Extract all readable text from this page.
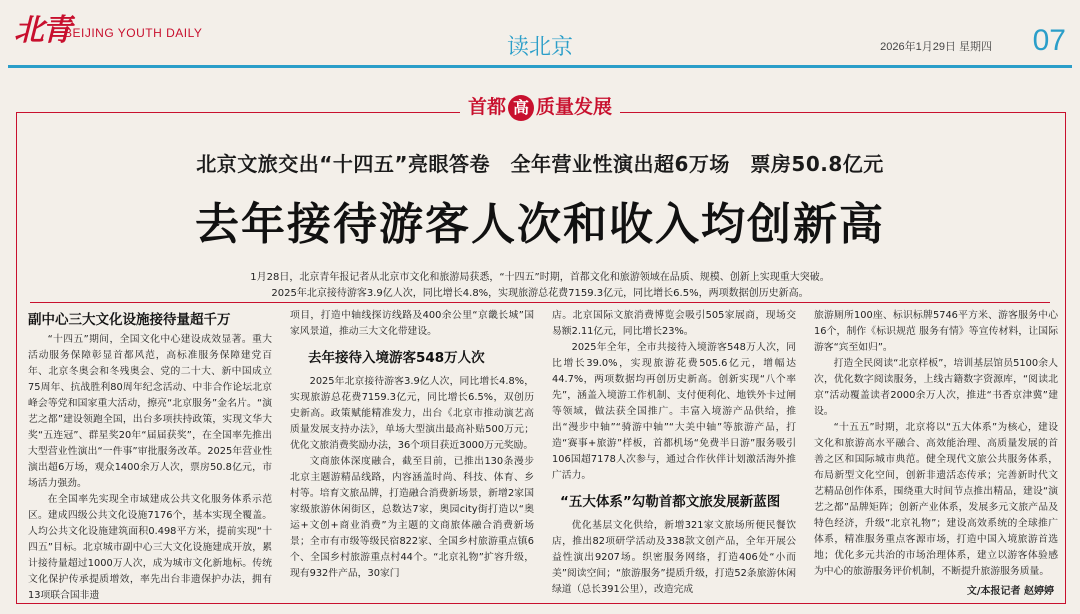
北青
BEIJING YOUTH DAILY
读北京	2026年1月29日 星期四 07
首都 高 质量发展
北京文旅交出“十四五”亮眼答卷　全年营业性演出超6万场　票房50.8亿元
去年接待游客人次和收入均创新高
1月28日，北京青年报记者从北京市文化和旅游局获悉，“十四五”时期，首都文化和旅游领域在品质、规模、创新上实现重大突破。
2025年北京接待游客3.9亿人次，同比增长4.8%，实现旅游总花费7159.3亿元，同比增长6.5%，两项数据创历史新高。
副中心三大文化设施接待量超千万

“十四五”期间，全国文化中心建设成效显著。重大活动服务保障彰显首都风范，高标准服务保障建党百年、北京冬奥会和冬残奥会、党的二十大、新中国成立75周年、抗战胜利80周年纪念活动、中非合作论坛北京峰会等党和国家重大活动，擦亮“北京服务”金名片。“演艺之都”建设领跑全国，出台多项扶持政策，实现文华大奖“五连冠”、群星奖20年“届届获奖”，在全国率先推出大型营业性演出“一件事”审批服务改革。2025年营业性演出超6万场，观众1400余万人次，票房50.8亿元，市场活力强劲。

在全国率先实现全市域建成公共文化服务体系示范区。建成四级公共文化设施7176个，基本实现全覆盖。人均公共文化设施建筑面积0.498平方米，提前实现“十四五”目标。北京城市副中心三大文化设施建成开放，累计接待量超过1000万人次，成为城市文化新地标。传统文化保护传承提质增效，率先出台非遗保护办法，拥有13项联合国非遗

项目，打造中轴线探访线路及400余公里“京畿长城”国家风景道，推动三大文化带建设。

去年接待入境游客548万人次

2025年北京接待游客3.9亿人次，同比增长4.8%，实现旅游总花费7159.3亿元，同比增长6.5%，双创历史新高。政策赋能精准发力，出台《北京市推动演艺高质量发展支持办法》，单场大型演出最高补贴500万元；优化文旅消费奖励办法，36个项目获近3000万元奖励。

文商旅体深度融合，截至目前，已推出130条漫步北京主题游精品线路，内容涵盖时尚、科技、体育、乡村等。培育文旅品牌，打造融合消费新场景，新增2家国家级旅游休闲街区，总数达7家，奥园city街打造以“奥运+文创+商业消费”为主题的文商旅体融合消费新场景；全市有市级等级民宿822家、全国乡村旅游重点镇6个、全国乡村旅游重点村44个。“北京礼物”扩容升级，现有932件产品，30家门

店。北京国际文旅消费博览会吸引505家展商，现场交易额2.11亿元，同比增长23%。

2025年全年，全市共接待入境游客548万人次，同比增长39.0%，实现旅游花费505.6亿元，增幅达44.7%，两项数据均再创历史新高。创新实现“八个率先”，涵盖入境游工作机制、支付便利化、地铁外卡过闸等领域，做法获全国推广。丰富入境游产品供给，推出“漫步中轴”“骑游中轴”“大美中轴”等旅游产品，打造“赛事+旅游”样板，首都机场“免费半日游”服务吸引106国超7178人次参与，通过合作伙伴计划激活海外推广活力。

“五大体系”勾勒首都文旅发展新蓝图

优化基层文化供给，新增321家文旅场所便民餐饮店，推出82项研学活动及338款文创产品，全年开展公益性演出9207场。织密服务网络，打造406处“小而美”阅读空间；“旅游服务”提质升级，打造52条旅游休闲绿道（总长391公里），改造完成

旅游厕所100座、标识标牌5746平方米、游客服务中心16个，制作《标识规范 服务有情》等宣传材料，让国际游客“宾至如归”。

打造全民阅读“北京样板”，培训基层馆员5100余人次，优化数字阅读服务，上线古籍数字资源库，“阅读北京”活动覆盖读者2000余万人次，推进“书香京津冀”建设。

“十五五”时期，北京将以“五大体系”为核心，建设文化和旅游高水平融合、高效能治理、高质量发展的首善之区和国际城市典范。健全现代文旅公共服务体系，布局新型文化空间，创新非遗活态传承；完善新时代文艺精品创作体系，围绕重大时间节点推出精品，建设“演艺之都”品牌矩阵；创新产业体系，发展多元文旅产品及特色经济，升级“北京礼物”；建设高效系统的全球推广体系，精准服务重点客源市场，打造中国入境旅游首选地；优化多元共治的市场治理体系，建立以游客体验感为中心的旅游服务评价机制，不断提升旅游服务质量。

文/本报记者 赵婷婷
